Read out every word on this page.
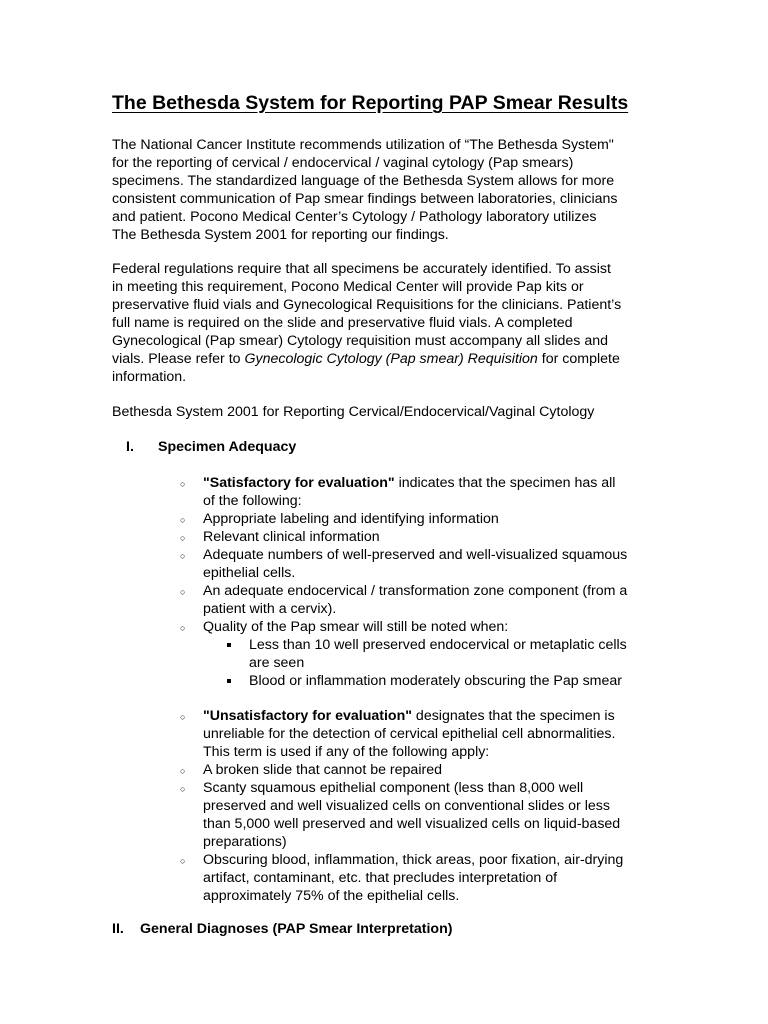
The Bethesda System for Reporting PAP Smear Results

The National Cancer Institute recommends utilization of “The Bethesda System"
for the reporting of cervical / endocervical / vaginal cytology (Pap smears)
specimens. The standardized language of the Bethesda System allows for more
consistent communication of Pap smear findings between laboratories, clinicians
and patient. Pocono Medical Center’s Cytology / Pathology laboratory utilizes
The Bethesda System 2001 for reporting our findings.

Federal regulations require that all specimens be accurately identified. To assist
in meeting this requirement, Pocono Medical Center will provide Pap kits or
preservative fluid vials and Gynecological Requisitions for the clinicians. Patient’s
full name is required on the slide and preservative fluid vials. A completed
Gynecological (Pap smear) Cytology requisition must accompany all slides and
vials. Please refer to Gynecologic Cytology (Pap smear) Requisition for complete
information.

Bethesda System 2001 for Reporting Cervical/Endocervical/Vaginal Cytology

I. Specimen Adequacy
○ "Satisfactory for evaluation" indicates that the specimen has all
of the following:
○ Appropriate labeling and identifying information
○ Relevant clinical information
○ Adequate numbers of well-preserved and well-visualized squamous
epithelial cells.
○ An adequate endocervical / transformation zone component (from a
patient with a cervix).
○ Quality of the Pap smear will still be noted when:
Less than 10 well preserved endocervical or metaplatic cells
are seen
Blood or inflammation moderately obscuring the Pap smear
○ "Unsatisfactory for evaluation" designates that the specimen is
unreliable for the detection of cervical epithelial cell abnormalities.
This term is used if any of the following apply:
○ A broken slide that cannot be repaired
○ Scanty squamous epithelial component (less than 8,000 well
preserved and well visualized cells on conventional slides or less
than 5,000 well preserved and well visualized cells on liquid-based
preparations)
○ Obscuring blood, inflammation, thick areas, poor fixation, air-drying
artifact, contaminant, etc. that precludes interpretation of
approximately 75% of the epithelial cells.
II. General Diagnoses (PAP Smear Interpretation)
